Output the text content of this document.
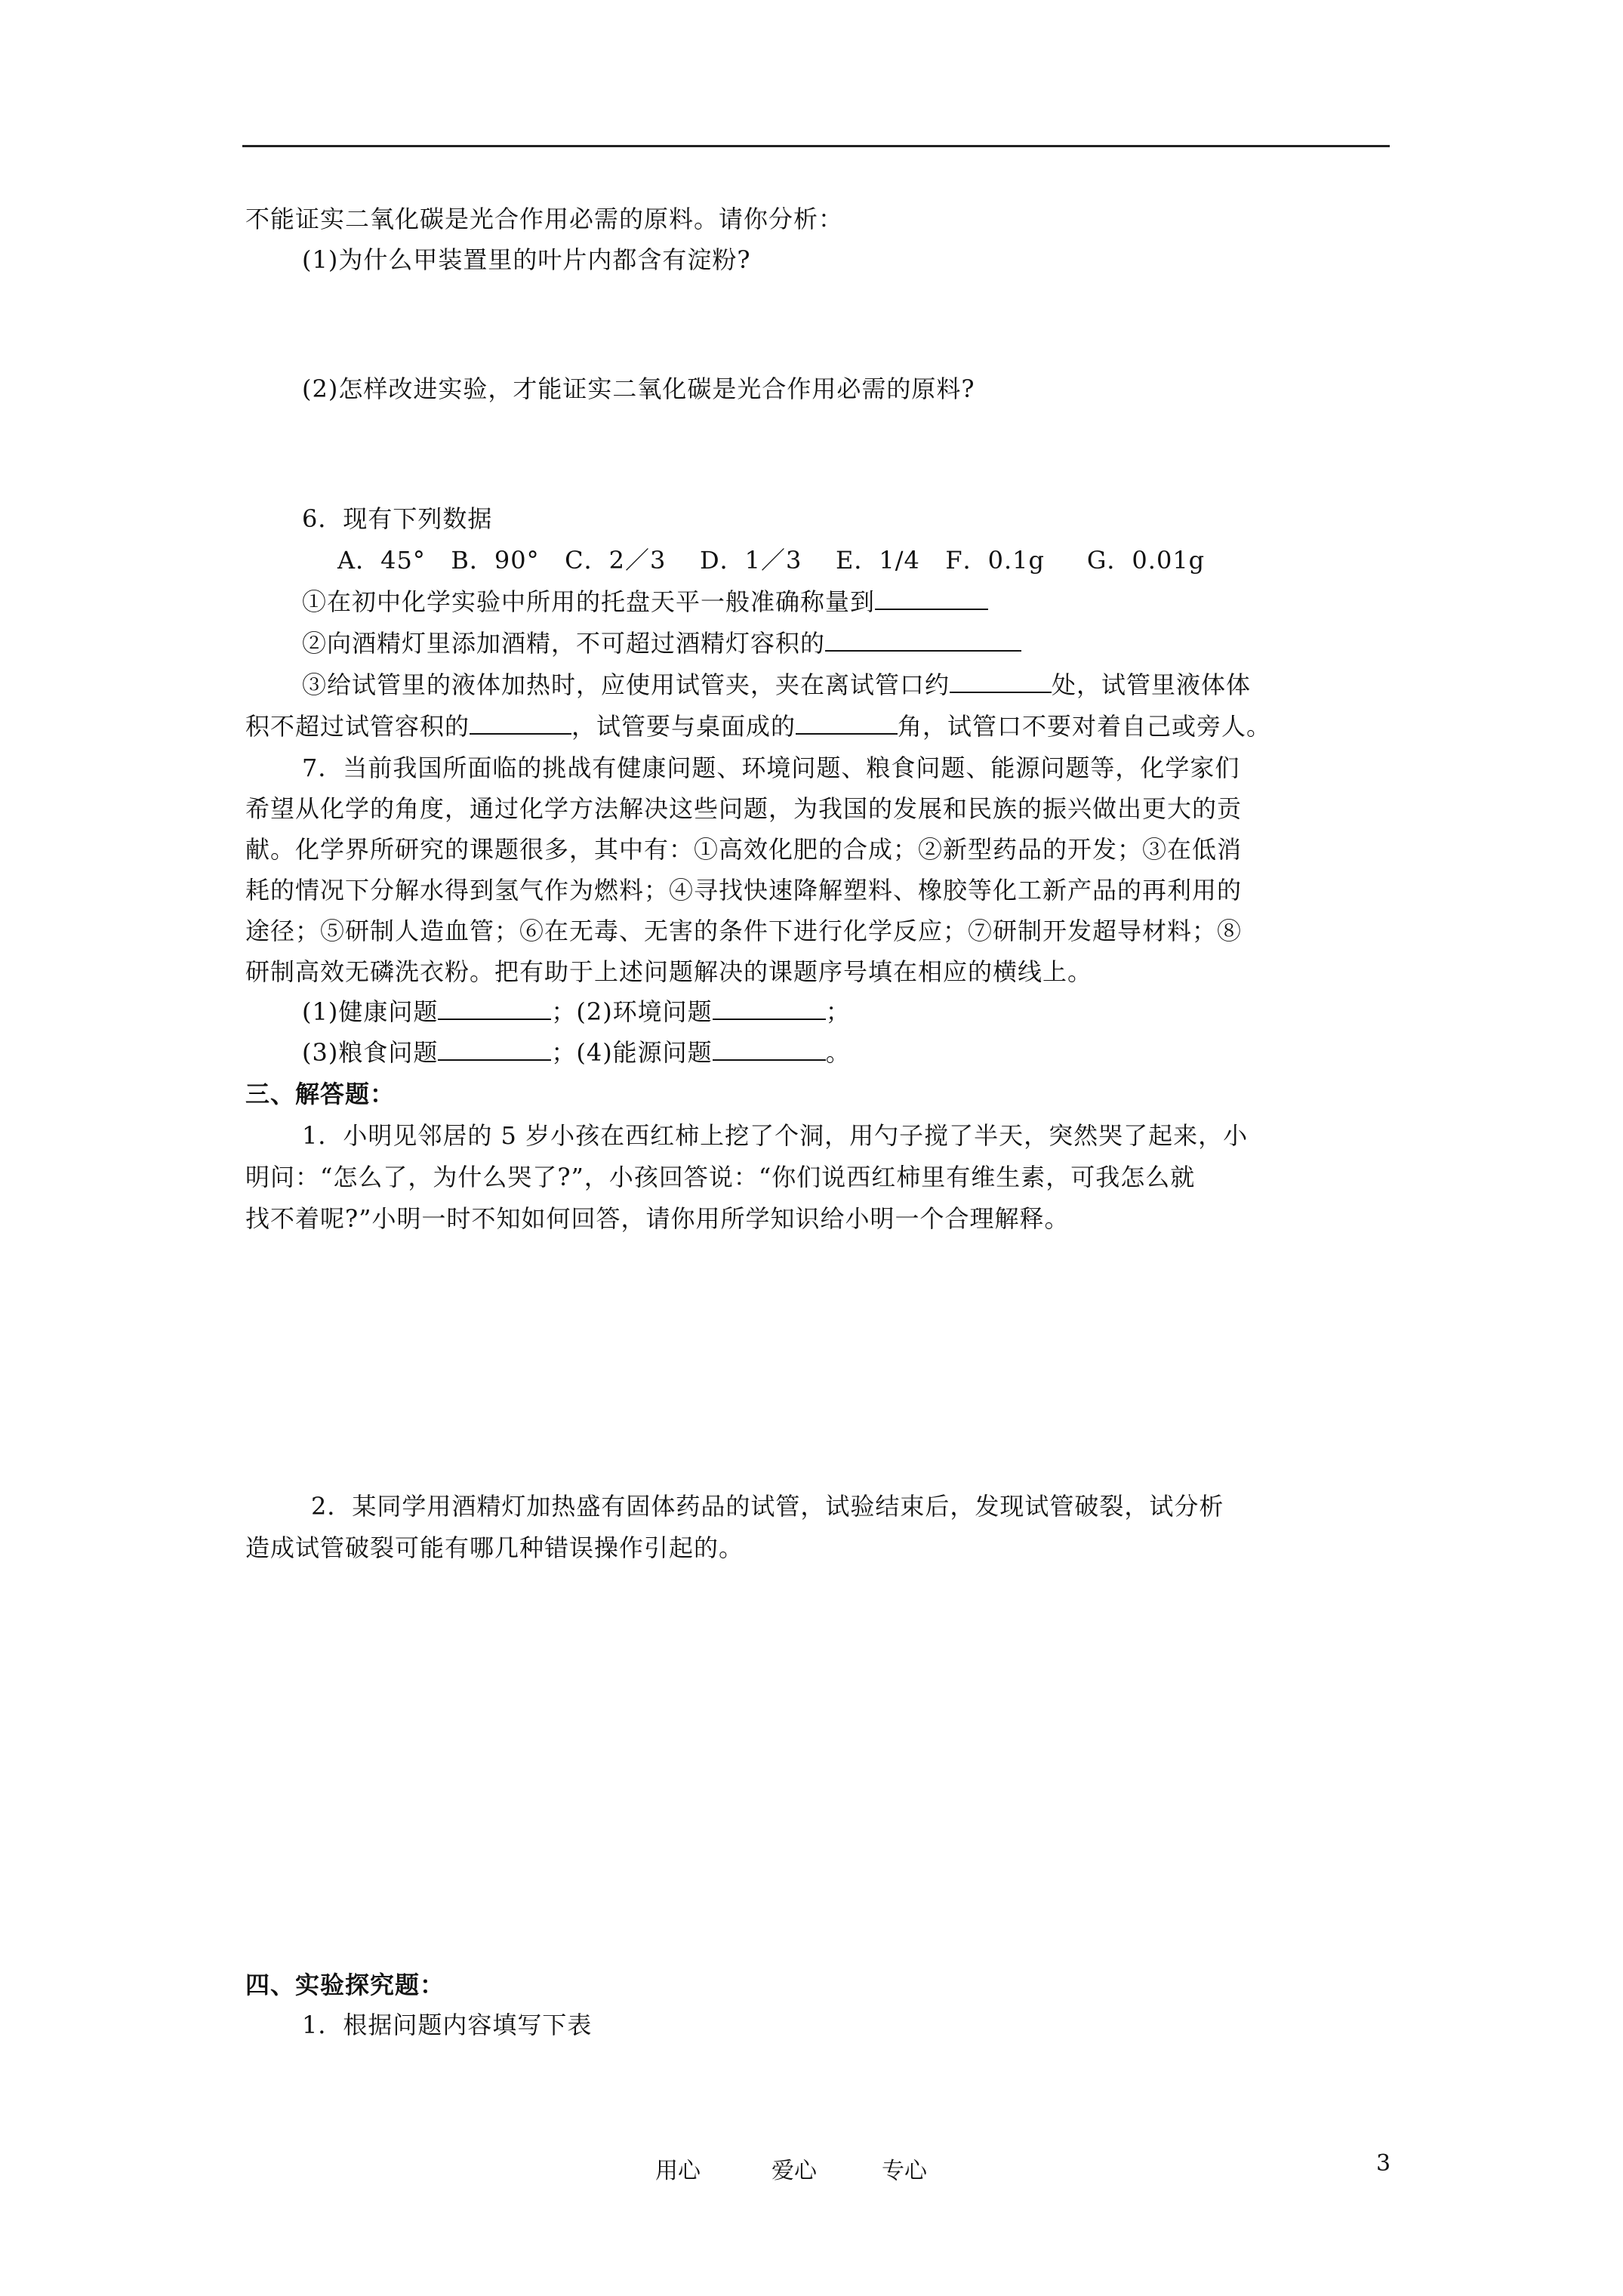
不能证实二氧化碳是光合作用必需的原料。请你分析：
(1)为什么甲装置里的叶片内都含有淀粉?
(2)怎样改进实验，才能证实二氧化碳是光合作用必需的原料?
6．现有下列数据
A．45°   B．90°   C．2／3    D．1／3    E．1/4   F．0.1g     G．0.01g
①在初中化学实验中所用的托盘天平一般准确称量到
②向酒精灯里添加酒精，不可超过酒精灯容积的
③给试管里的液体加热时，应使用试管夹，夹在离试管口约	处，试管里液体体
积不超过试管容积的	，试管要与桌面成的	角，试管口不要对着自己或旁人。
7．当前我国所面临的挑战有健康问题、环境问题、粮食问题、能源问题等，化学家们
希望从化学的角度，通过化学方法解决这些问题，为我国的发展和民族的振兴做出更大的贡
献。化学界所研究的课题很多，其中有：①高效化肥的合成；②新型药品的开发；③在低消
耗的情况下分解水得到氢气作为燃料；④寻找快速降解塑料、橡胶等化工新产品的再利用的
途径；⑤研制人造血管；⑥在无毒、无害的条件下进行化学反应；⑦研制开发超导材料；⑧
研制高效无磷洗衣粉。把有助于上述问题解决的课题序号填在相应的横线上。
(1)健康问题	；(2)环境问题	；
(3)粮食问题	；(4)能源问题	。
三、解答题：
1．小明见邻居的 5 岁小孩在西红柿上挖了个洞，用勺子搅了半天，突然哭了起来，小
明问：“怎么了，为什么哭了?”，小孩回答说：“你们说西红柿里有维生素，可我怎么就
找不着呢?”小明一时不知如何回答，请你用所学知识给小明一个合理解释。
2．某同学用酒精灯加热盛有固体药品的试管，试验结束后，发现试管破裂，试分析
造成试管破裂可能有哪几种错误操作引起的。
四、实验探究题：
1．根据问题内容填写下表
用心	爱心	专心	3
